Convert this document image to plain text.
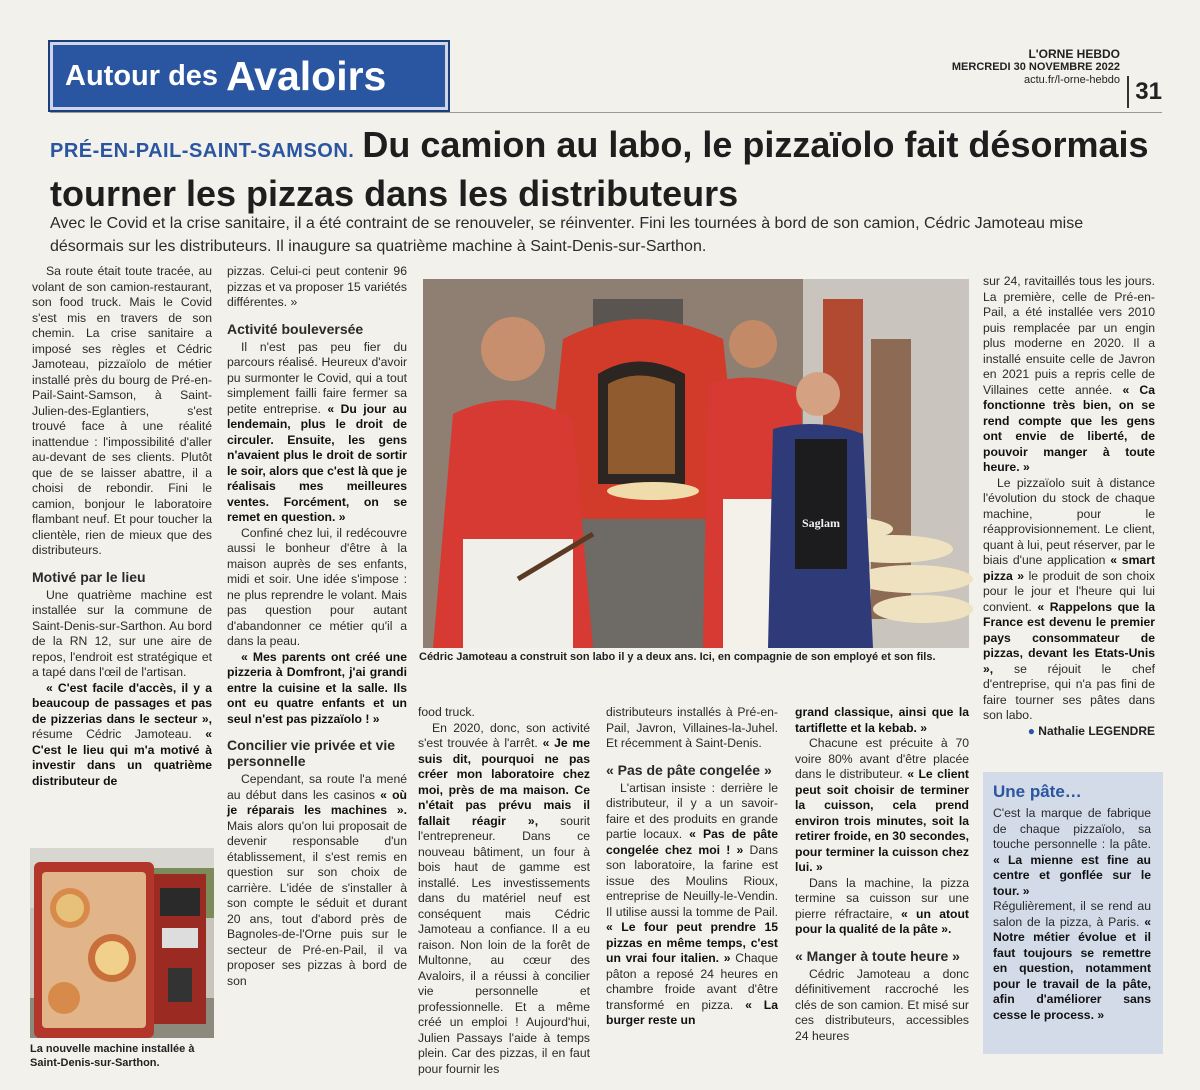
Autour des Avaloirs	L'ORNE HEBDO
MERCREDI 30 NOVEMBRE 2022
actu.fr/l-orne-hebdo 31
PRÉ-EN-PAIL-SAINT-SAMSON. Du camion au labo, le pizzaïolo fait désormais tourner les pizzas dans les distributeurs
Avec le Covid et la crise sanitaire, il a été contraint de se renouveler, se réinventer. Fini les tournées à bord de son camion, Cédric Jamoteau mise désormais sur les distributeurs. Il inaugure sa quatrième machine à Saint-Denis-sur-Sarthon.

Sa route était toute tracée, au volant de son camion-restaurant, son food truck. Mais le Covid s'est mis en travers de son chemin. La crise sanitaire a imposé ses règles et Cédric Jamoteau, pizzaïolo de métier installé près du bourg de Pré-en-Pail-Saint-Samson, à Saint-Julien-des-Eglantiers, s'est trouvé face à une réalité inattendue : l'impossibilité d'aller au-devant de ses clients. Plutôt que de se laisser abattre, il a choisi de rebondir. Fini le camion, bonjour le laboratoire flambant neuf. Et pour toucher la clientèle, rien de mieux que des distributeurs.

Motivé par le lieu

Une quatrième machine est installée sur la commune de Saint-Denis-sur-Sarthon. Au bord de la RN 12, sur une aire de repos, l'endroit est stratégique et a tapé dans l'œil de l'artisan.

« C'est facile d'accès, il y a beaucoup de passages et pas de pizzerias dans le secteur », résume Cédric Jamoteau. « C'est le lieu qui m'a motivé à investir dans un quatrième distributeur de

La nouvelle machine installée à Saint-Denis-sur-Sarthon.

pizzas. Celui-ci peut contenir 96 pizzas et va proposer 15 variétés différentes. »

Activité bouleversée

Il n'est pas peu fier du parcours réalisé. Heureux d'avoir pu surmonter le Covid, qui a tout simplement failli faire fermer sa petite entreprise. « Du jour au lendemain, plus le droit de circuler. Ensuite, les gens n'avaient plus le droit de sortir le soir, alors que c'est là que je réalisais mes meilleures ventes. Forcément, on se remet en question. »

Confiné chez lui, il redécouvre aussi le bonheur d'être à la maison auprès de ses enfants, midi et soir. Une idée s'impose : ne plus reprendre le volant. Mais pas question pour autant d'abandonner ce métier qu'il a dans la peau.

« Mes parents ont créé une pizzeria à Domfront, j'ai grandi entre la cuisine et la salle. Ils ont eu quatre enfants et un seul n'est pas pizzaïolo ! »

Concilier vie privée et vie personnelle

Cependant, sa route l'a mené au début dans les casinos « où je réparais les machines ». Mais alors qu'on lui proposait de devenir responsable d'un établissement, il s'est remis en question sur son choix de carrière. L'idée de s'installer à son compte le séduit et durant 20 ans, tout d'abord près de Bagnoles-de-l'Orne puis sur le secteur de Pré-en-Pail, il va proposer ses pizzas à bord de son

Saglam
Cédric Jamoteau a construit son labo il y a deux ans. Ici, en compagnie de son employé et son fils.

food truck.

En 2020, donc, son activité s'est trouvée à l'arrêt. « Je me suis dit, pourquoi ne pas créer mon laboratoire chez moi, près de ma maison. Ce n'était pas prévu mais il fallait réagir », sourit l'entrepreneur. Dans ce nouveau bâtiment, un four à bois haut de gamme est installé. Les investissements dans du matériel neuf est conséquent mais Cédric Jamoteau a confiance. Il a eu raison. Non loin de la forêt de Multonne, au cœur des Avaloirs, il a réussi à concilier vie personnelle et professionnelle. Et a même créé un emploi ! Aujourd'hui, Julien Passays l'aide à temps plein. Car des pizzas, il en faut pour fournir les

distributeurs installés à Pré-en-Pail, Javron, Villaines-la-Juhel. Et récemment à Saint-Denis.

« Pas de pâte congelée »

L'artisan insiste : derrière le distributeur, il y a un savoir-faire et des produits en grande partie locaux. « Pas de pâte congelée chez moi ! » Dans son laboratoire, la farine est issue des Moulins Rioux, entreprise de Neuilly-le-Vendin. Il utilise aussi la tomme de Pail. « Le four peut prendre 15 pizzas en même temps, c'est un vrai four italien. » Chaque pâton a reposé 24 heures en chambre froide avant d'être transformé en pizza. « La burger reste un

grand classique, ainsi que la tartiflette et la kebab. »

Chacune est précuite à 70 voire 80% avant d'être placée dans le distributeur. « Le client peut soit choisir de terminer la cuisson, cela prend environ trois minutes, soit la retirer froide, en 30 secondes, pour terminer la cuisson chez lui. »

Dans la machine, la pizza termine sa cuisson sur une pierre réfractaire, « un atout pour la qualité de la pâte ».

« Manger à toute heure »

Cédric Jamoteau a donc définitivement raccroché les clés de son camion. Et misé sur ces distributeurs, accessibles 24 heures

sur 24, ravitaillés tous les jours. La première, celle de Pré-en-Pail, a été installée vers 2010 puis remplacée par un engin plus moderne en 2020. Il a installé ensuite celle de Javron en 2021 puis a repris celle de Villaines cette année. « Ca fonctionne très bien, on se rend compte que les gens ont envie de liberté, de pouvoir manger à toute heure. »

Le pizzaïolo suit à distance l'évolution du stock de chaque machine, pour le réapprovisionnement. Le client, quant à lui, peut réserver, par le biais d'une application « smart pizza » le produit de son choix pour le jour et l'heure qui lui convient. « Rappelons que la France est devenu le premier pays consommateur de pizzas, devant les Etats-Unis », se réjouit le chef d'entreprise, qui n'a pas fini de faire tourner ses pâtes dans son labo.

● Nathalie LEGENDRE
Une pâte…

C'est la marque de fabrique de chaque pizzaïolo, sa touche personnelle : la pâte. « La mienne est fine au centre et gonflée sur le tour. »

Régulièrement, il se rend au salon de la pizza, à Paris. « Notre métier évolue et il faut toujours se remettre en question, notamment pour le travail de la pâte, afin d'améliorer sans cesse le process. »
